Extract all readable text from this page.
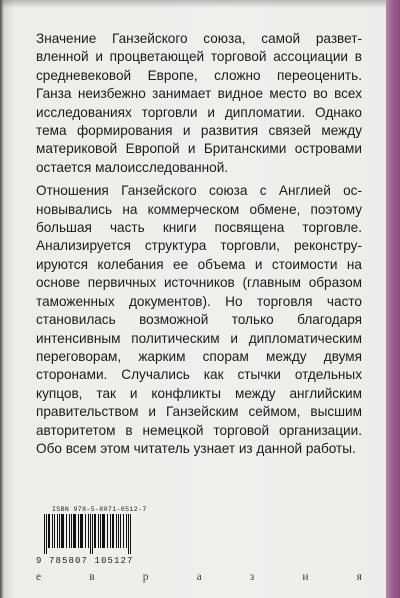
Значение Ганзейского союза, самой разветвленной и процветающей торговой ассоциации в средневековой Европе, сложно переоценить. Ганза неизбежно занимает видное место во всех исследованиях торговли и дипломатии. Однако тема формирования и развития связей между материковой Европой и Британскими островами остается малоисследованной.

Отношения Ганзейского союза с Англией основывались на коммерческом обмене, поэтому большая часть книги посвящена торговле. Анализируется структура торговли, реконструируются колебания ее объема и стоимости на основе первичных источников (главным образом таможенных документов). Но торговля часто становилась возможной только благодаря интенсивным политическим и дипломатическим переговорам, жарким спорам между двумя сторонами. Случались как стычки отдельных купцов, так и конфликты между английским правительством и Ганзейским сеймом, высшим авторитетом в немецкой торговой организации. Обо всем этом читатель узнает из данной работы.

ISBN 978-5-8071-0512-7
9 785807 105127
е	в	р	а	з	и	я
